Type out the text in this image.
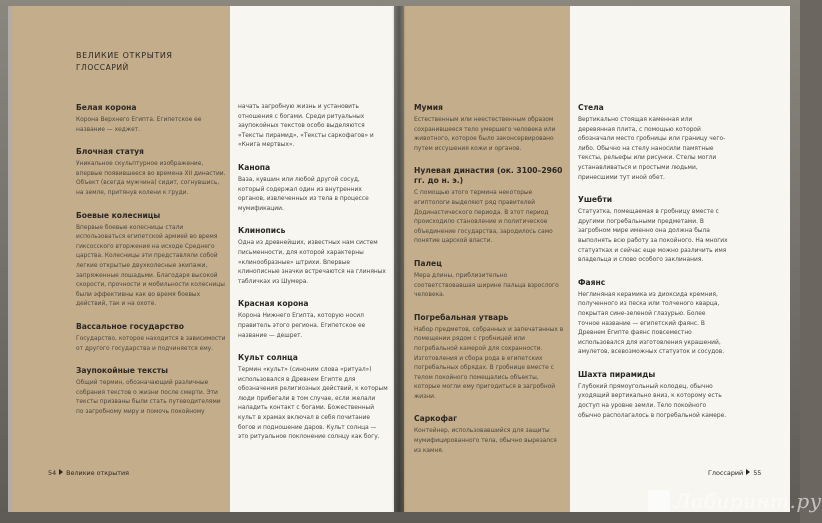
ВЕЛИКИЕ ОТКРЫТИЯ
ГЛОССАРИЙ

Белая корона

Корона Верхнего Египта. Египетское ее название — хеджет.

Блочная статуя

Уникальное скульптурное изображение, впервые появившееся во времена XII династии. Объект (всегда мужчина) сидит, согнувшись, на земле, притянув колени к груди.

Боевые колесницы

Впервые боевые колесницы стали использоваться египетской армией во время гиксосского вторжения на исходе Среднего царства. Колесницы эти представляли собой легкие открытые двухколесные экипажи, запряженные лошадьми. Благодаря высокой скорости, прочности и мобильности колесницы были эффективны как во время боевых действий, так и на охоте.

Вассальное государство

Государство, которое находится в зависимости от другого государства и подчиняется ему.

Заупокойные тексты

Общий термин, обозначающий различные собрания текстов о жизни после смерти. Эти тексты призваны были стать путеводителями по загробному миру и помочь покойному

начать загробную жизнь и установить отношения с богами. Среди ритуальных заупокойных текстов особо выделяются «Тексты пирамид», «Тексты саркофагов» и «Книга мертвых».

Канопа

Ваза, кувшин или любой другой сосуд, который содержал один из внутренних органов, извлеченных из тела в процессе мумификации.

Клинопись

Одна из древнейших, известных нам систем письменности, для которой характерны «клинообразные» штрихи. Впервые клинописные значки встречаются на глиняных табличках из Шумера.

Красная корона

Корона Нижнего Египта, которую носил правитель этого региона. Египетское ее название — дешрет.

Культ солнца

Термин «культ» (синоним слова «ритуал») использовался в Древнем Египте для обозначения религиозных действий, к которым люди прибегали в том случае, если желали наладить контакт с богами. Божественный культ в храмах включал в себя почитание богов и подношение даров. Культ солнца — это ритуальное поклонение солнцу как богу.

54 Великие открытия

Мумия

Естественным или неестественным образом сохранившееся тело умершего человека или животного, которое было законсервировано путем иссушения кожи и органов.

Нулевая династия (ок. 3100–2960 гг. до н. э.)

С помощью этого термина некоторые египтологи выделяют ряд правителей Додинастического периода. В этот период происходило становление и политическое объединение государства, зародилось само понятие царской власти.

Палец

Мера длины, приблизительно соответствовавшая ширине пальца взрослого человека.

Погребальная утварь

Набор предметов, собранных и запечатанных в помещении рядом с гробницей или погребальной камерой для сохранности. Изготовления и сбора рода в египетских погребальных обрядах. В гробнице вместе с телом покойного помещались объекты, которые могли ему пригодиться в загробной жизни.

Саркофаг

Контейнер, использовавшийся для защиты мумифицированного тела, обычно вырезался из камня.

Стела

Вертикально стоящая каменная или деревянная плита, с помощью которой обозначали место гробницы или границу чего-либо. Обычно на стелу наносили памятные тексты, рельефы или рисунки. Стелы могли устанавливаться и простыми людьми, принесшими тут иной обет.

Ушебти

Статуэтка, помещаемая в гробницу вместе с другими погребальными предметами. В загробном мире именно она должна была выполнять всю работу за покойного. На многих статуэтках и сейчас еще можно различить имя владельца и слово особого заклинания.

Фаянс

Неглиняная керамика из диоксида кремния, полученного из песка или толченого кварца, покрытая сине-зеленой глазурью. Более точное название — египетский фаянс. В Древнем Египте фаянс повсеместно использовался для изготовления украшений, амулетов, всевозможных статуэток и сосудов.

Шахта пирамиды

Глубокий прямоугольный колодец, обычно уходящий вертикально вниз, к которому есть доступ на уровне земли. Тело покойного обычно располагалось в погребальной камере.

Глоссарий 55
Лабиринт.ру
